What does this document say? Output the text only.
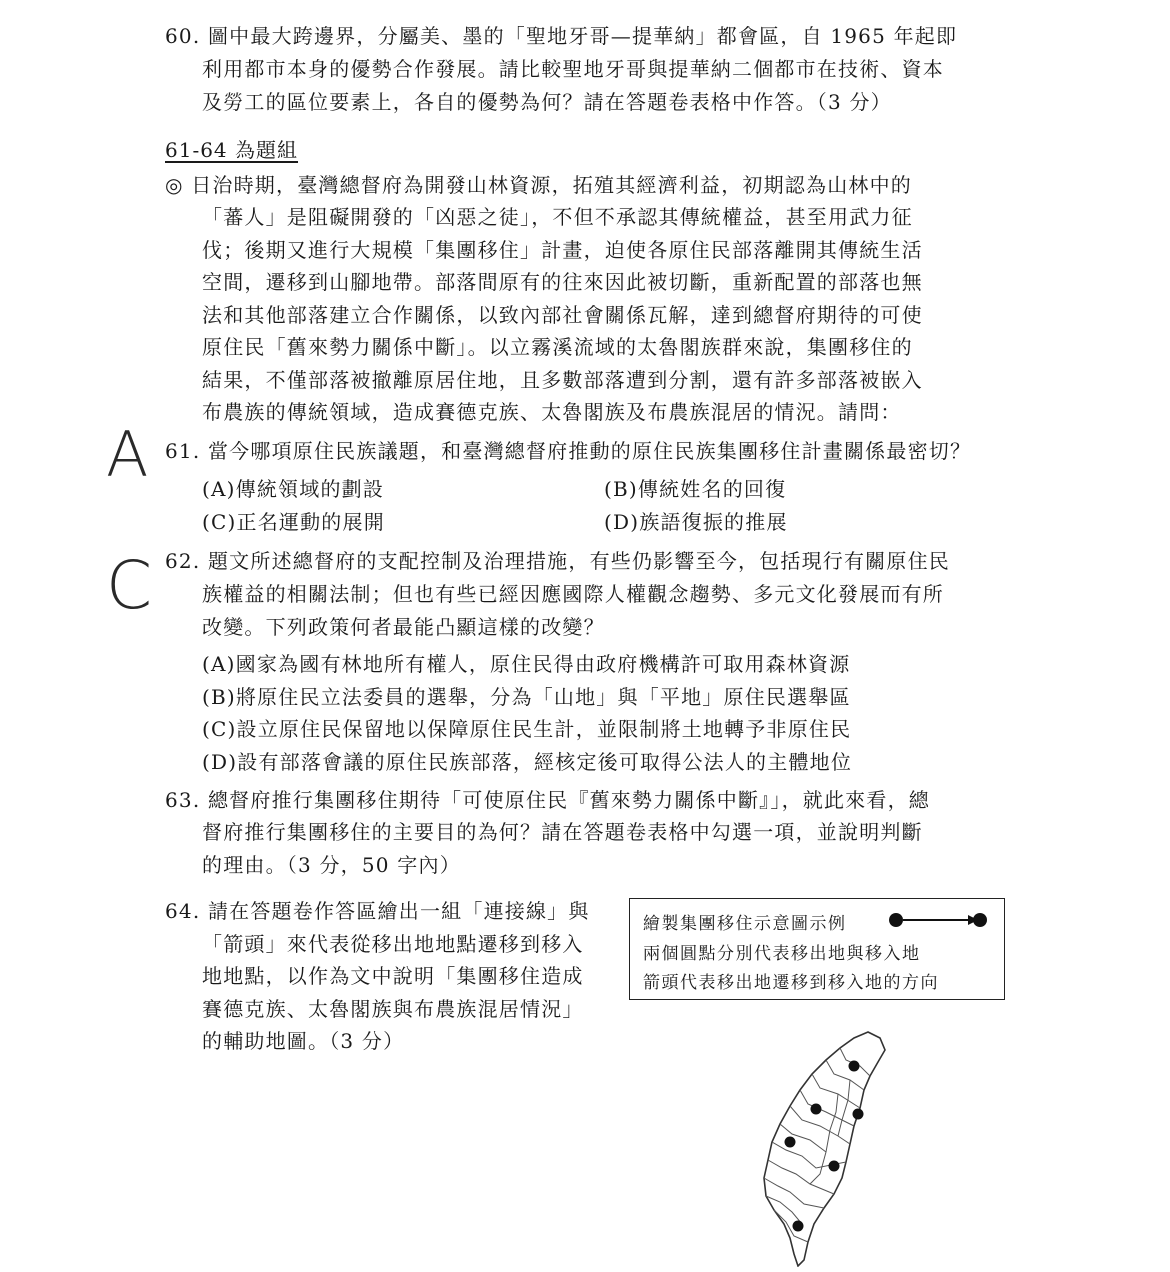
60. 圖中最大跨邊界，分屬美、墨的「聖地牙哥—提華納」都會區，自 1965 年起即
利用都市本身的優勢合作發展。請比較聖地牙哥與提華納二個都市在技術、資本
及勞工的區位要素上，各自的優勢為何？請在答題卷表格中作答。（3 分）
61-64 為題組
◎ 日治時期，臺灣總督府為開發山林資源，拓殖其經濟利益，初期認為山林中的
「蕃人」是阻礙開發的「凶惡之徒」，不但不承認其傳統權益，甚至用武力征
伐；後期又進行大規模「集團移住」計畫，迫使各原住民部落離開其傳統生活
空間，遷移到山腳地帶。部落間原有的往來因此被切斷，重新配置的部落也無
法和其他部落建立合作關係，以致內部社會關係瓦解，達到總督府期待的可使
原住民「舊來勢力關係中斷」。以立霧溪流域的太魯閣族群來說，集團移住的
結果，不僅部落被撤離原居住地，且多數部落遭到分割，還有許多部落被嵌入
布農族的傳統領域，造成賽德克族、太魯閣族及布農族混居的情況。請問：
A 61. 當今哪項原住民族議題，和臺灣總督府推動的原住民族集團移住計畫關係最密切？
(A)傳統領域的劃設	(B)傳統姓名的回復
(C)正名運動的展開	(D)族語復振的推展
C 62. 題文所述總督府的支配控制及治理措施，有些仍影響至今，包括現行有關原住民
族權益的相關法制；但也有些已經因應國際人權觀念趨勢、多元文化發展而有所
改變。下列政策何者最能凸顯這樣的改變？
(A)國家為國有林地所有權人，原住民得由政府機構許可取用森林資源
(B)將原住民立法委員的選舉，分為「山地」與「平地」原住民選舉區
(C)設立原住民保留地以保障原住民生計，並限制將土地轉予非原住民
(D)設有部落會議的原住民族部落，經核定後可取得公法人的主體地位
63. 總督府推行集團移住期待「可使原住民『舊來勢力關係中斷』」，就此來看，總
督府推行集團移住的主要目的為何？請在答題卷表格中勾選一項，並說明判斷
的理由。（3 分，50 字內）
64. 請在答題卷作答區繪出一組「連接線」與
「箭頭」來代表從移出地地點遷移到移入
地地點，以作為文中說明「集團移住造成
賽德克族、太魯閣族與布農族混居情況」
的輔助地圖。（3 分）
繪製集團移住示意圖示例
兩個圓點分別代表移出地與移入地
箭頭代表移出地遷移到移入地的方向
